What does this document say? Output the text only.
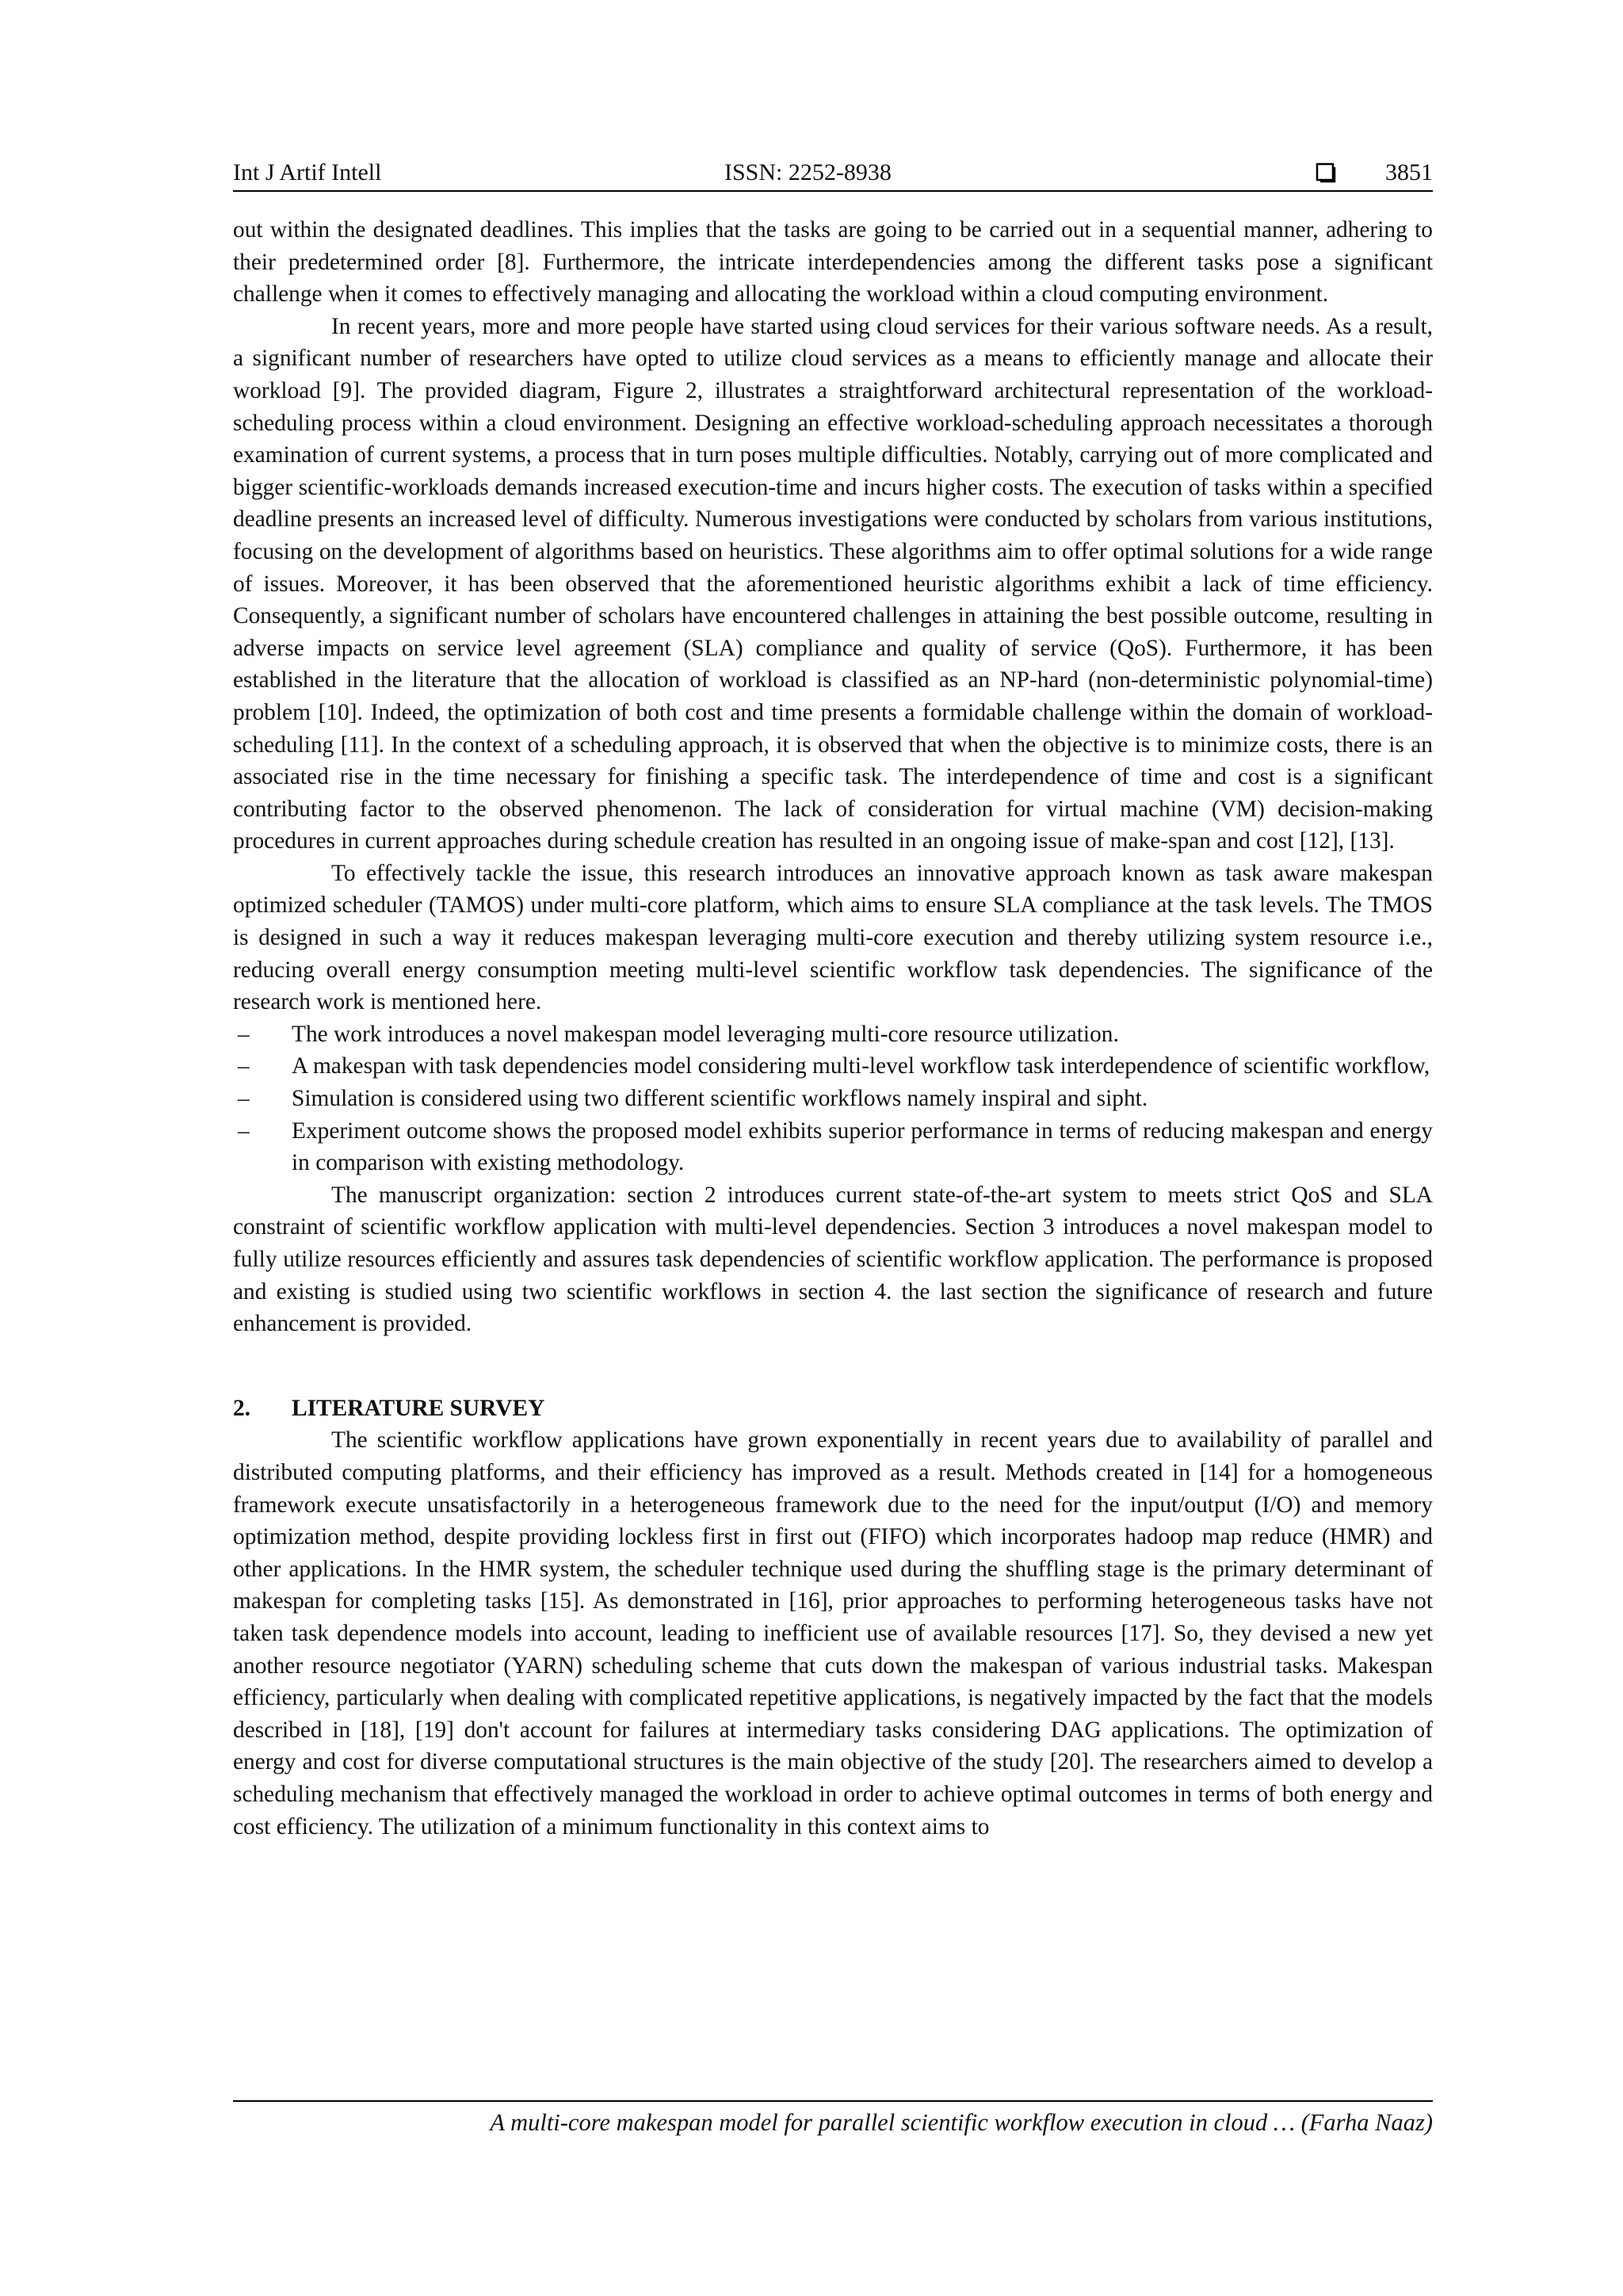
Int J Artif Intell	ISSN: 2252-8938	3851

out within the designated deadlines. This implies that the tasks are going to be carried out in a sequential manner, adhering to their predetermined order [8]. Furthermore, the intricate interdependencies among the different tasks pose a significant challenge when it comes to effectively managing and allocating the workload within a cloud computing environment.

In recent years, more and more people have started using cloud services for their various software needs. As a result, a significant number of researchers have opted to utilize cloud services as a means to efficiently manage and allocate their workload [9]. The provided diagram, Figure 2, illustrates a straightforward architectural representation of the workload-scheduling process within a cloud environment. Designing an effective workload-scheduling approach necessitates a thorough examination of current systems, a process that in turn poses multiple difficulties. Notably, carrying out of more complicated and bigger scientific-workloads demands increased execution-time and incurs higher costs. The execution of tasks within a specified deadline presents an increased level of difficulty. Numerous investigations were conducted by scholars from various institutions, focusing on the development of algorithms based on heuristics. These algorithms aim to offer optimal solutions for a wide range of issues. Moreover, it has been observed that the aforementioned heuristic algorithms exhibit a lack of time efficiency. Consequently, a significant number of scholars have encountered challenges in attaining the best possible outcome, resulting in adverse impacts on service level agreement (SLA) compliance and quality of service (QoS). Furthermore, it has been established in the literature that the allocation of workload is classified as an NP-hard (non-deterministic polynomial-time) problem [10]. Indeed, the optimization of both cost and time presents a formidable challenge within the domain of workload-scheduling [11]. In the context of a scheduling approach, it is observed that when the objective is to minimize costs, there is an associated rise in the time necessary for finishing a specific task. The interdependence of time and cost is a significant contributing factor to the observed phenomenon. The lack of consideration for virtual machine (VM) decision-making procedures in current approaches during schedule creation has resulted in an ongoing issue of make-span and cost [12], [13].

To effectively tackle the issue, this research introduces an innovative approach known as task aware makespan optimized scheduler (TAMOS) under multi-core platform, which aims to ensure SLA compliance at the task levels. The TMOS is designed in such a way it reduces makespan leveraging multi-core execution and thereby utilizing system resource i.e., reducing overall energy consumption meeting multi-level scientific workflow task dependencies. The significance of the research work is mentioned here.

– The work introduces a novel makespan model leveraging multi-core resource utilization.
– A makespan with task dependencies model considering multi-level workflow task interdependence of scientific workflow,
– Simulation is considered using two different scientific workflows namely inspiral and sipht.
– Experiment outcome shows the proposed model exhibits superior performance in terms of reducing makespan and energy in comparison with existing methodology.

The manuscript organization: section 2 introduces current state-of-the-art system to meets strict QoS and SLA constraint of scientific workflow application with multi-level dependencies. Section 3 introduces a novel makespan model to fully utilize resources efficiently and assures task dependencies of scientific workflow application. The performance is proposed and existing is studied using two scientific workflows in section 4. the last section the significance of research and future enhancement is provided.

2. LITERATURE SURVEY

The scientific workflow applications have grown exponentially in recent years due to availability of parallel and distributed computing platforms, and their efficiency has improved as a result. Methods created in [14] for a homogeneous framework execute unsatisfactorily in a heterogeneous framework due to the need for the input/output (I/O) and memory optimization method, despite providing lockless first in first out (FIFO) which incorporates hadoop map reduce (HMR) and other applications. In the HMR system, the scheduler technique used during the shuffling stage is the primary determinant of makespan for completing tasks [15]. As demonstrated in [16], prior approaches to performing heterogeneous tasks have not taken task dependence models into account, leading to inefficient use of available resources [17]. So, they devised a new yet another resource negotiator (YARN) scheduling scheme that cuts down the makespan of various industrial tasks. Makespan efficiency, particularly when dealing with complicated repetitive applications, is negatively impacted by the fact that the models described in [18], [19] don't account for failures at intermediary tasks considering DAG applications. The optimization of energy and cost for diverse computational structures is the main objective of the study [20]. The researchers aimed to develop a scheduling mechanism that effectively managed the workload in order to achieve optimal outcomes in terms of both energy and cost efficiency. The utilization of a minimum functionality in this context aims to

A multi-core makespan model for parallel scientific workflow execution in cloud … (Farha Naaz)
